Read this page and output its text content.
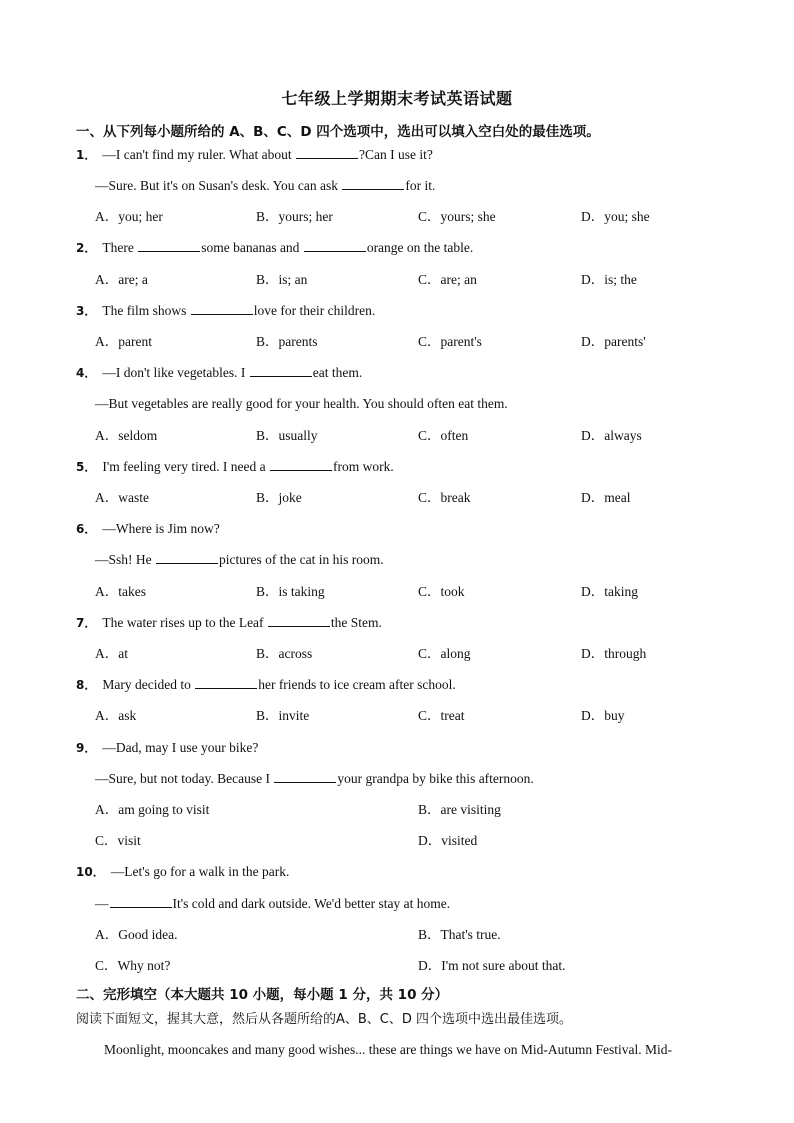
七年级上学期期末考试英语试题
一、从下列每小题所给的 A、B、C、D 四个选项中，选出可以填入空白处的最佳选项。
1． —I can't find my ruler. What about	?Can I use it?
—Sure. But it's on Susan's desk. You can ask	for it.
A．you; her	B．yours; her	C．yours; she	D．you; she
2． There	some bananas and	orange on the table.
A．are; a	B．is; an	C．are; an	D．is; the
3． The film shows	love for their children.
A．parent	B．parents	C．parent's	D．parents'
4． —I don't like vegetables. I	eat them.
—But vegetables are really good for your health. You should often eat them.
A．seldom	B．usually	C．often	D．always
5． I'm feeling very tired. I need a	from work.
A．waste	B．joke	C．break	D．meal
6． —Where is Jim now?
—Ssh! He	pictures of the cat in his room.
A．takes	B．is taking	C．took	D．taking
7． The water rises up to the Leaf	the Stem.
A．at	B．across	C．along	D．through
8． Mary decided to	her friends to ice cream after school.
A．ask	B．invite	C．treat	D．buy
9． —Dad, may I use your bike?
—Sure, but not today. Because I	your grandpa by bike this afternoon.
A．am going to visit	B．are visiting
C．visit	D．visited
10． —Let's go for a walk in the park.
—	It's cold and dark outside. We'd better stay at home.
A．Good idea.	B．That's true.
C．Why not?	D．I'm not sure about that.
二、完形填空（本大题共 10 小题，每小题 1 分，共 10 分）
阅读下面短文，握其大意，然后从各题所给的A、B、C、D 四个选项中选出最佳选项。
Moonlight, mooncakes and many good wishes... these are things we have on Mid-Autumn Festival. Mid-
